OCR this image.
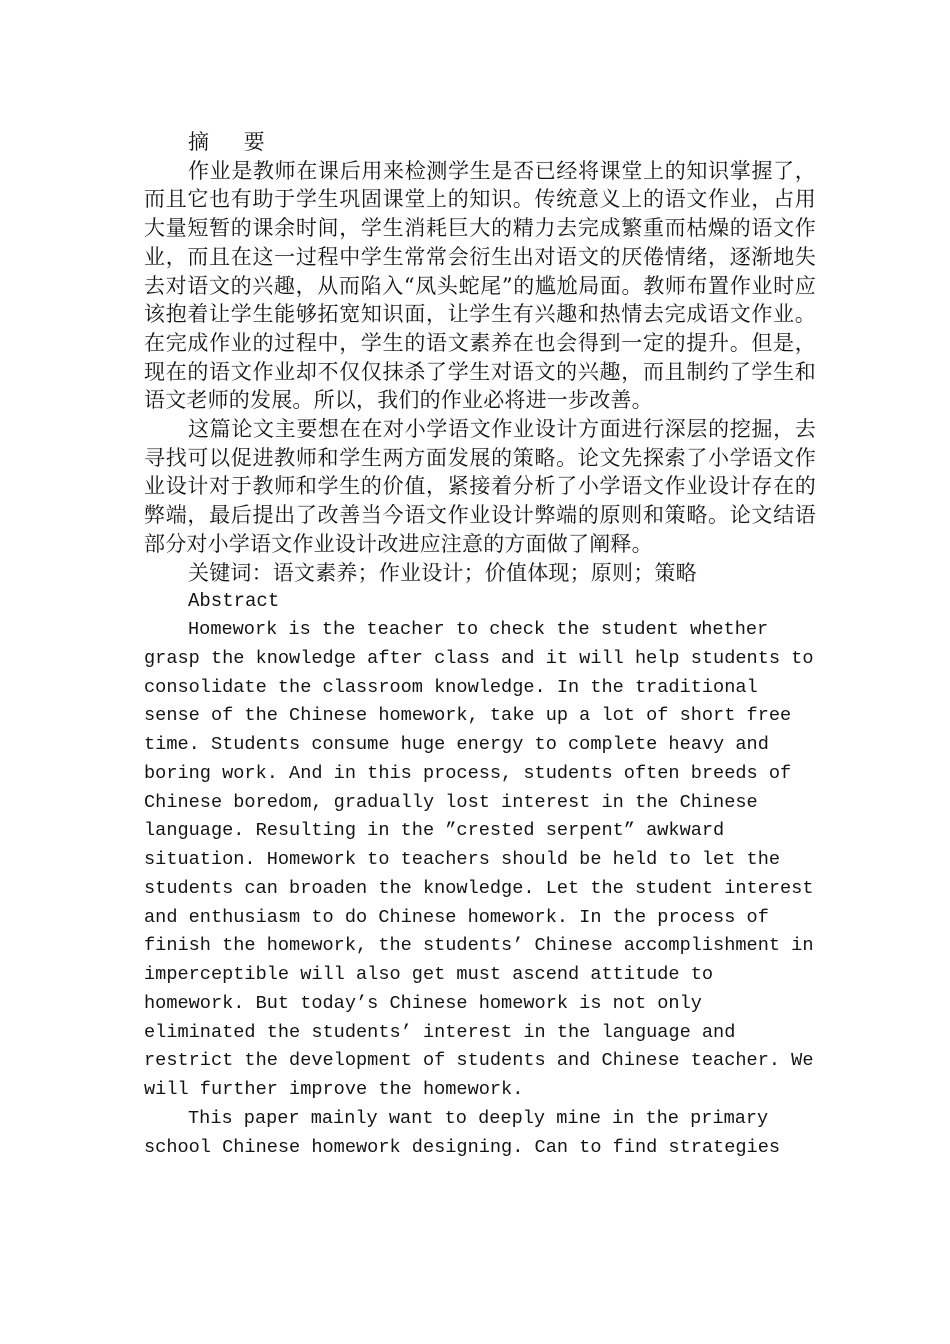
摘 要

作业是教师在课后用来检测学生是否已经将课堂上的知识掌握了，而且它也有助于学生巩固课堂上的知识。传统意义上的语文作业，占用大量短暂的课余时间，学生消耗巨大的精力去完成繁重而枯燥的语文作业，而且在这一过程中学生常常会衍生出对语文的厌倦情绪，逐渐地失去对语文的兴趣，从而陷入“凤头蛇尾”的尴尬局面。教师布置作业时应该抱着让学生能够拓宽知识面，让学生有兴趣和热情去完成语文作业。在完成作业的过程中，学生的语文素养在也会得到一定的提升。但是，现在的语文作业却不仅仅抹杀了学生对语文的兴趣，而且制约了学生和语文老师的发展。所以，我们的作业必将进一步改善。

这篇论文主要想在在对小学语文作业设计方面进行深层的挖掘，去寻找可以促进教师和学生两方面发展的策略。论文先探索了小学语文作业设计对于教师和学生的价值，紧接着分析了小学语文作业设计存在的弊端，最后提出了改善当今语文作业设计弊端的原则和策略。论文结语部分对小学语文作业设计改进应注意的方面做了阐释。

关键词：语文素养；作业设计；价值体现；原则；策略

Abstract

Homework is the teacher to check the student whether grasp the knowledge after class and it will help students to consolidate the classroom knowledge. In the traditional sense of the Chinese homework, take up a lot of short free time. Students consume huge energy to complete heavy and boring work. And in this process, students often breeds of Chinese boredom, gradually lost interest in the Chinese language. Resulting in the ”crested serpent” awkward situation. Homework to teachers should be held to let the students can broaden the knowledge. Let the student interest and enthusiasm to do Chinese homework. In the process of finish the homework, the students’ Chinese accomplishment in imperceptible will also get must ascend attitude to homework. But today’s Chinese homework is not only eliminated the students’ interest in the language and restrict the development of students and Chinese teacher. We will further improve the homework.

This paper mainly want to deeply mine in the primary school Chinese homework designing. Can to find strategies
